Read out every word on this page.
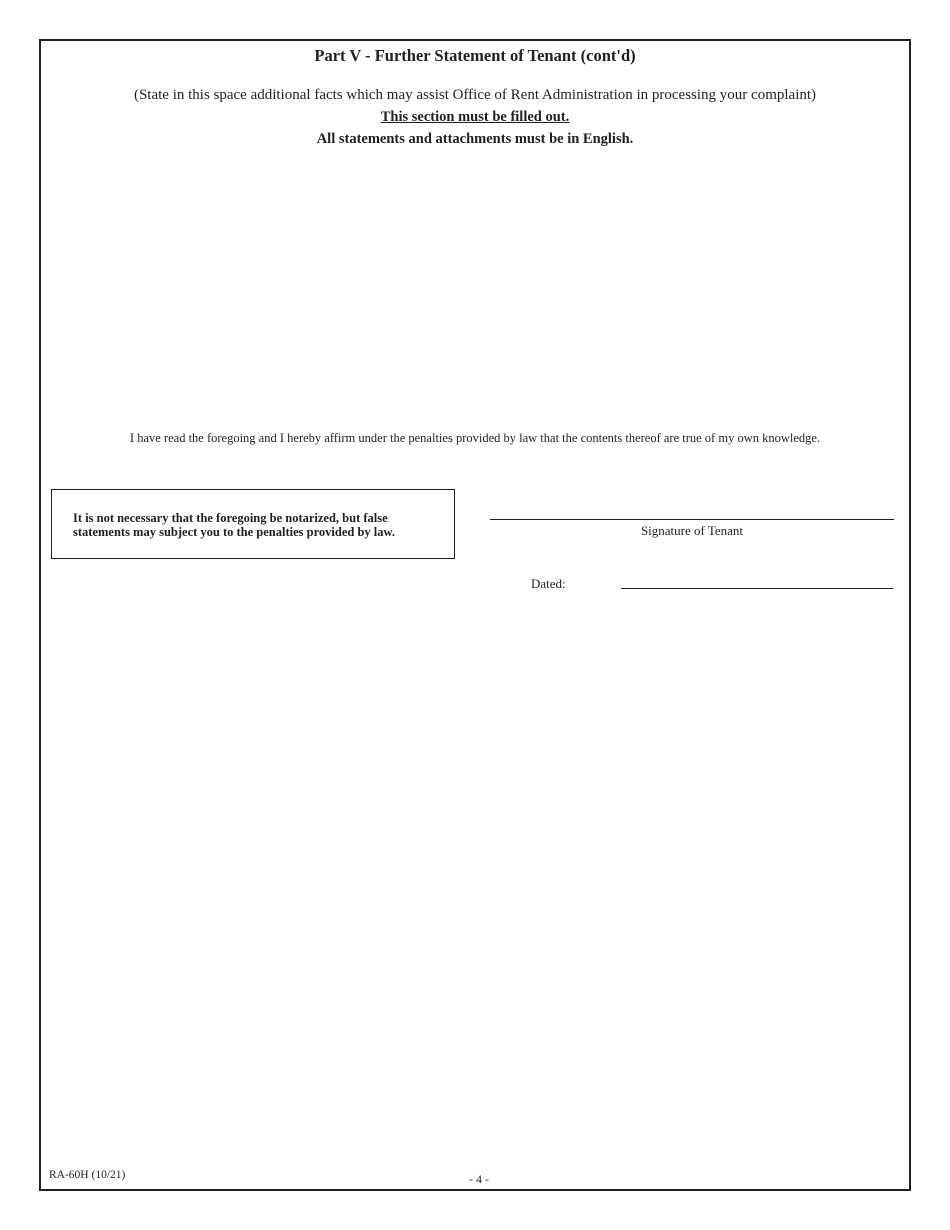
Part V - Further Statement of Tenant (cont'd)
(State in this space additional facts which may assist Office of Rent Administration in processing your complaint)
This section must be filled out.
All statements and attachments must be in English.
I have read the foregoing and I hereby affirm under the penalties provided by law that the contents thereof are true of my own knowledge.
It is not necessary that the foregoing be notarized, but false
statements may subject you to the penalties provided by law.	Signature of Tenant
Dated:
RA-60H (10/21)	- 4 -
